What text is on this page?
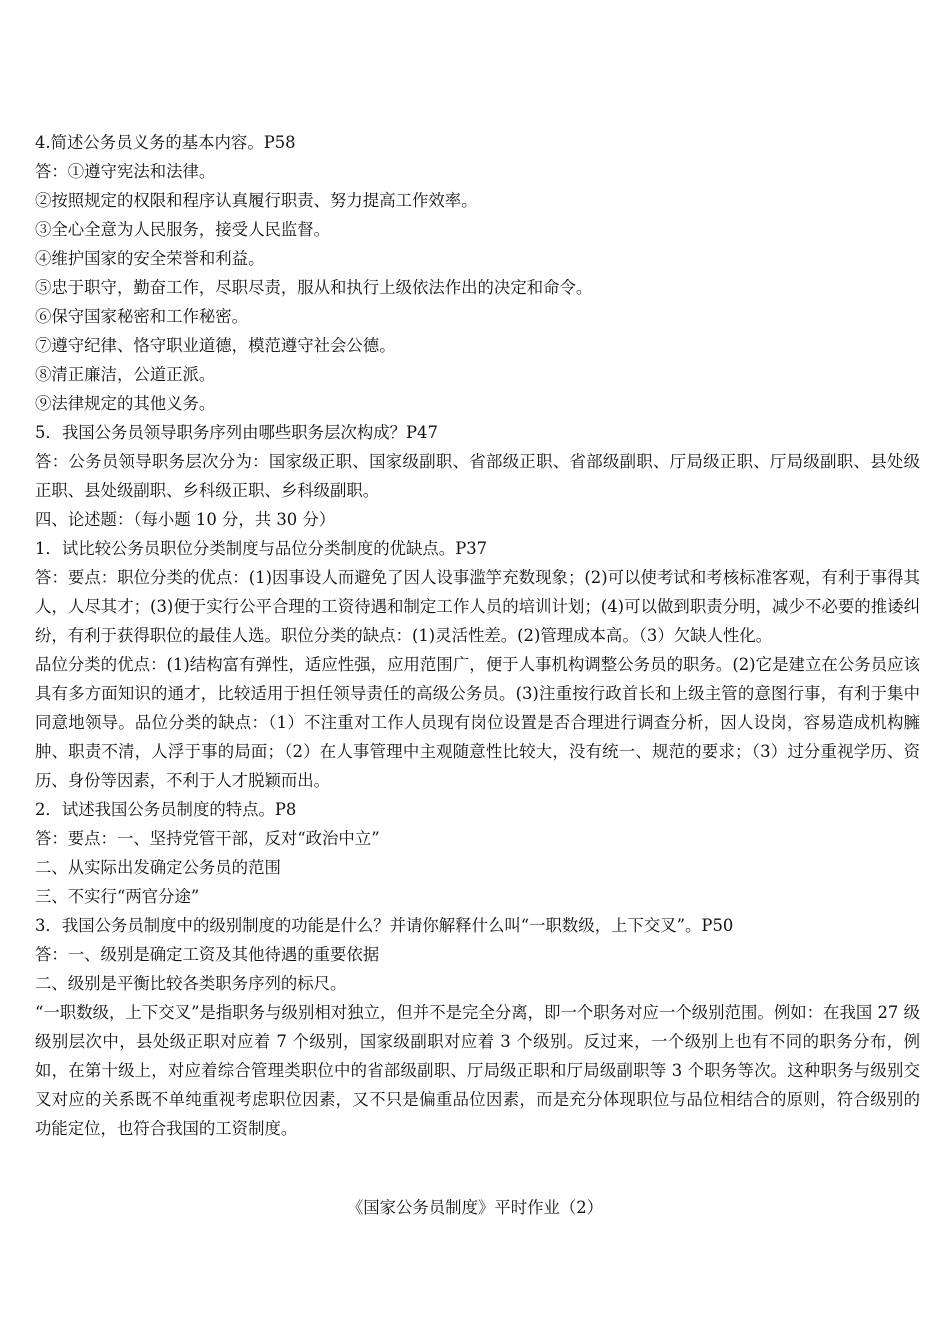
4.简述公务员义务的基本内容。P58
答：①遵守宪法和法律。
②按照规定的权限和程序认真履行职责、努力提高工作效率。
③全心全意为人民服务，接受人民监督。
④维护国家的安全荣誉和利益。
⑤忠于职守，勤奋工作，尽职尽责，服从和执行上级依法作出的决定和命令。
⑥保守国家秘密和工作秘密。
⑦遵守纪律、恪守职业道德，模范遵守社会公德。
⑧清正廉洁，公道正派。
⑨法律规定的其他义务。
5．我国公务员领导职务序列由哪些职务层次构成？P47
答：公务员领导职务层次分为：国家级正职、国家级副职、省部级正职、省部级副职、厅局级正职、厅局级副职、县处级正职、县处级副职、乡科级正职、乡科级副职。
四、论述题：（每小题 10 分，共 30 分）
1．试比较公务员职位分类制度与品位分类制度的优缺点。P37
答：要点：职位分类的优点：(1)因事设人而避免了因人设事滥竽充数现象；(2)可以使考试和考核标准客观，有利于事得其人，人尽其才；(3)便于实行公平合理的工资待遇和制定工作人员的培训计划；(4)可以做到职责分明，减少不必要的推诿纠纷，有利于获得职位的最佳人选。职位分类的缺点：(1)灵活性差。(2)管理成本高。（3）欠缺人性化。
品位分类的优点：(1)结构富有弹性，适应性强，应用范围广，便于人事机构调整公务员的职务。(2)它是建立在公务员应该具有多方面知识的通才，比较适用于担任领导责任的高级公务员。(3)注重按行政首长和上级主管的意图行事，有利于集中同意地领导。品位分类的缺点：（1）不注重对工作人员现有岗位设置是否合理进行调查分析，因人设岗，容易造成机构臃肿、职责不清，人浮于事的局面；（2）在人事管理中主观随意性比较大，没有统一、规范的要求；（3）过分重视学历、资历、身份等因素，不利于人才脱颖而出。
2．试述我国公务员制度的特点。P8
答：要点：一、坚持党管干部，反对“政治中立”
二、从实际出发确定公务员的范围
三、不实行“两官分途”
3．我国公务员制度中的级别制度的功能是什么？并请你解释什么叫“一职数级，上下交叉”。P50
答：一、级别是确定工资及其他待遇的重要依据
二、级别是平衡比较各类职务序列的标尺。
“一职数级，上下交叉”是指职务与级别相对独立，但并不是完全分离，即一个职务对应一个级别范围。例如：在我国 27 级级别层次中，县处级正职对应着 7 个级别，国家级副职对应着 3 个级别。反过来，一个级别上也有不同的职务分布，例如，在第十级上，对应着综合管理类职位中的省部级副职、厅局级正职和厅局级副职等 3 个职务等次。这种职务与级别交叉对应的关系既不单纯重视考虑职位因素，又不只是偏重品位因素，而是充分体现职位与品位相结合的原则，符合级别的功能定位，也符合我国的工资制度。
《国家公务员制度》平时作业（2）
